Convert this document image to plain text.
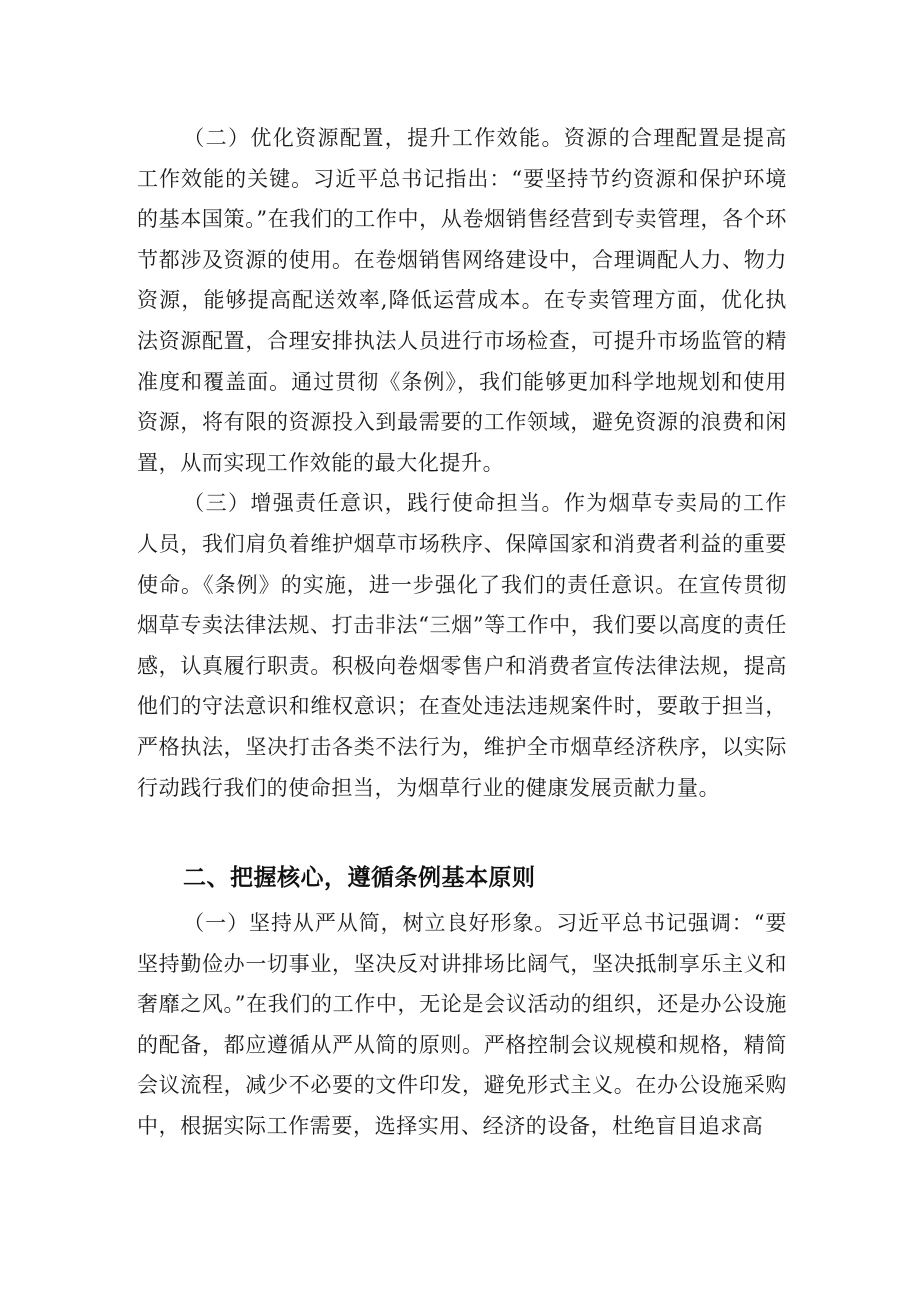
（二）优化资源配置，提升工作效能。资源的合理配置是提高工作效能的关键。习近平总书记指出：“要坚持节约资源和保护环境的基本国策。”在我们的工作中，从卷烟销售经营到专卖管理，各个环节都涉及资源的使用。在卷烟销售网络建设中，合理调配人力、物力资源，能够提高配送效率,降低运营成本。在专卖管理方面，优化执法资源配置，合理安排执法人员进行市场检查，可提升市场监管的精准度和覆盖面。通过贯彻《条例》，我们能够更加科学地规划和使用资源，将有限的资源投入到最需要的工作领域，避免资源的浪费和闲置，从而实现工作效能的最大化提升。

（三）增强责任意识，践行使命担当。作为烟草专卖局的工作人员，我们肩负着维护烟草市场秩序、保障国家和消费者利益的重要使命。《条例》的实施，进一步强化了我们的责任意识。在宣传贯彻烟草专卖法律法规、打击非法“三烟”等工作中，我们要以高度的责任感，认真履行职责。积极向卷烟零售户和消费者宣传法律法规，提高他们的守法意识和维权意识；在查处违法违规案件时，要敢于担当，严格执法，坚决打击各类不法行为，维护全市烟草经济秩序，以实际行动践行我们的使命担当，为烟草行业的健康发展贡献力量。

二、把握核心，遵循条例基本原则

（一）坚持从严从简，树立良好形象。习近平总书记强调：“要坚持勤俭办一切事业，坚决反对讲排场比阔气，坚决抵制享乐主义和奢靡之风。”在我们的工作中，无论是会议活动的组织，还是办公设施的配备，都应遵循从严从简的原则。严格控制会议规模和规格，精简会议流程，减少不必要的文件印发，避免形式主义。在办公设施采购中，根据实际工作需要，选择实用、经济的设备，杜绝盲目追求高
